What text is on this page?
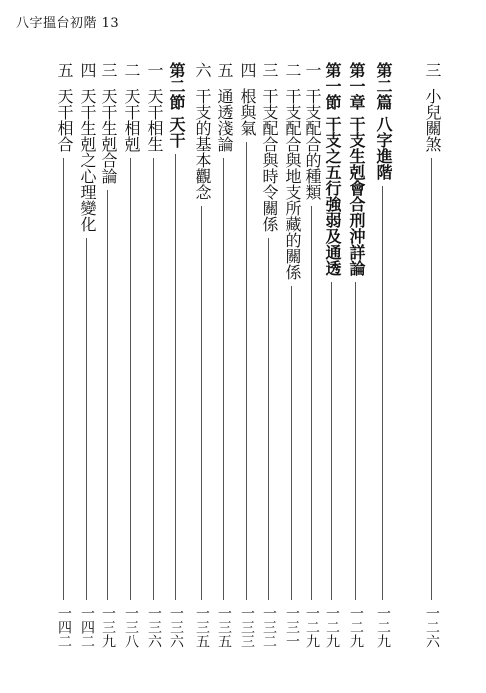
八字搵台初階 13
三小兒關煞
一二六
第二篇八字進階
一二九
第一章干支生剋會合刑沖詳論
一二九
第一節干支之五行強弱及通透
一二九
一干支配合的種類
一二九
二干支配合與地支所藏的關係
一三一
三干支配合與時令關係
一三二
四根與氣
一三三
五通透淺論
一三五
六干支的基本觀念
一三五
第二節天干
一三六
一天干相生
一三六
二天干相剋
一三八
三天干生剋合論
一三九
四天干生剋之心理變化
一四二
五天干相合
一四二
